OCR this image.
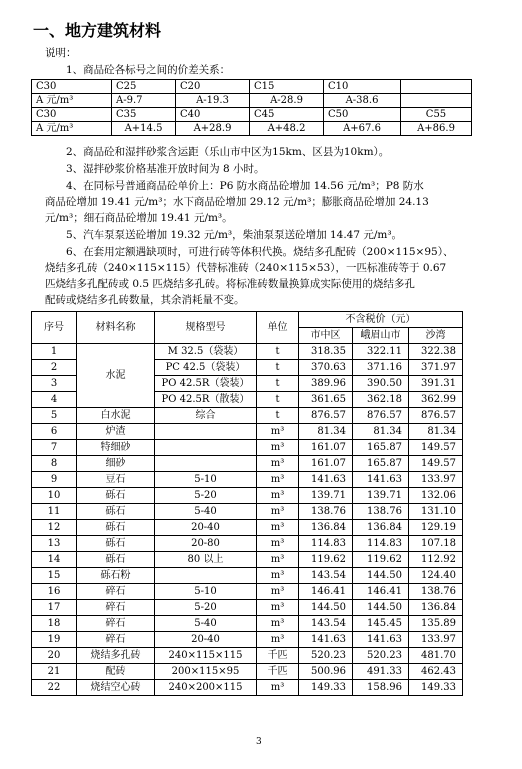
一、地方建筑材料
说明：
1、商品砼各标号之间的价差关系：
C30	C25	C20	C15	C10	
A 元/m³	A-9.7	A-19.3	A-28.9	A-38.6	
C30	C35	C40	C45	C50	C55
A 元/m³	A+14.5	A+28.9	A+48.2	A+67.6	A+86.9
2、商品砼和湿拌砂浆含运距（乐山市中区为15km、区县为10km）。
3、湿拌砂浆价格基准开放时间为 8 小时。
4、在同标号普通商品砼单价上：P6 防水商品砼增加 14.56 元/m³；P8 防水
商品砼增加 19.41 元/m³；水下商品砼增加 29.12 元/m³；膨胀商品砼增加 24.13
元/m³；细石商品砼增加 19.41 元/m³。
5、汽车泵泵送砼增加 19.32 元/m³，柴油泵泵送砼增加 14.47 元/m³。
6、在套用定额遇缺项时，可进行砖等体积代换。烧结多孔配砖（200×115×95）、
烧结多孔砖（240×115×115）代替标准砖（240×115×53），一匹标准砖等于 0.67
匹烧结多孔配砖或 0.5 匹烧结多孔砖。将标准砖数量换算成实际使用的烧结多孔
配砖或烧结多孔砖数量，其余消耗量不变。
序号	材料名称	规格型号	单位	不含税价（元）		
				市中区	峨眉山市	沙湾
1	水泥	M 32.5（袋装）	t	318.35	322.11	322.38
2		PC 42.5（袋装）	t	370.63	371.16	371.97
3		PO 42.5R（袋装）	t	389.96	390.50	391.31
4		PO 42.5R（散装）	t	361.65	362.18	362.99
5	白水泥	综合	t	876.57	876.57	876.57
6	炉渣		m³	81.34	81.34	81.34
7	特细砂		m³	161.07	165.87	149.57
8	细砂		m³	161.07	165.87	149.57
9	豆石	5-10	m³	141.63	141.63	133.97
10	砾石	5-20	m³	139.71	139.71	132.06
11	砾石	5-40	m³	138.76	138.76	131.10
12	砾石	20-40	m³	136.84	136.84	129.19
13	砾石	20-80	m³	114.83	114.83	107.18
14	砾石	80 以上	m³	119.62	119.62	112.92
15	砾石粉		m³	143.54	144.50	124.40
16	碎石	5-10	m³	146.41	146.41	138.76
17	碎石	5-20	m³	144.50	144.50	136.84
18	碎石	5-40	m³	143.54	145.45	135.89
19	碎石	20-40	m³	141.63	141.63	133.97
20	烧结多孔砖	240×115×115	千匹	520.23	520.23	481.70
21	配砖	200×115×95	千匹	500.96	491.33	462.43
22	烧结空心砖	240×200×115	m³	149.33	158.96	149.33
3
